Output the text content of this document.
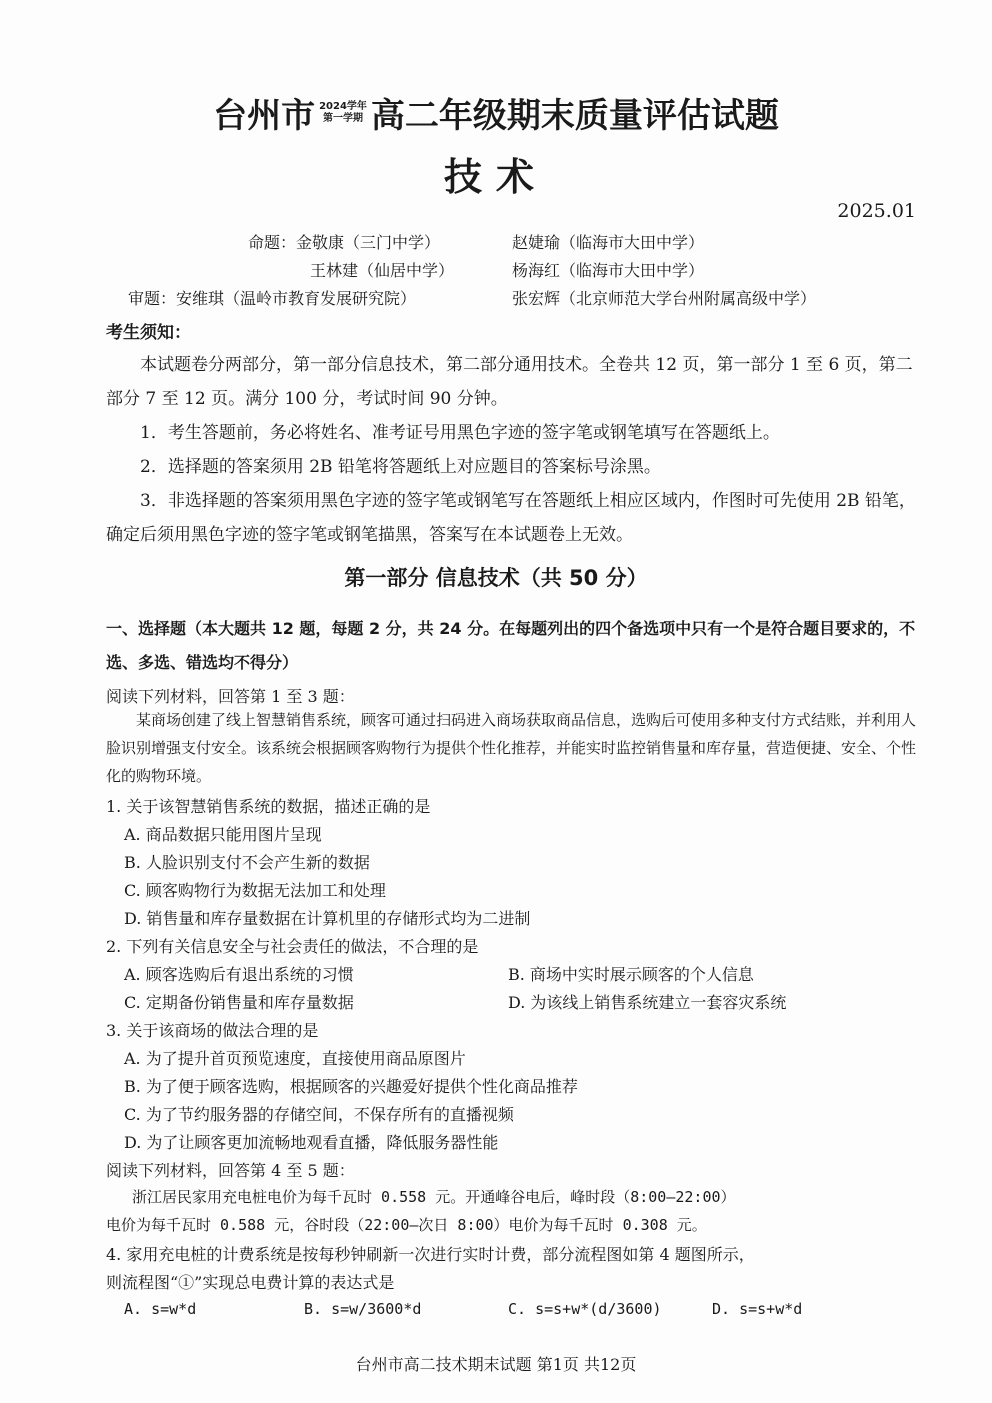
台州市 2024学年
第一学期 高二年级期末质量评估试题
技术
2025.01
命题：金敬康（三门中学）	赵婕瑜（临海市大田中学）
王林建（仙居中学）	杨海红（临海市大田中学）
审题：安维琪（温岭市教育发展研究院）	张宏辉（北京师范大学台州附属高级中学）
考生须知：
本试题卷分两部分，第一部分信息技术，第二部分通用技术。全卷共 12 页，第一部分 1 至 6 页，第二部分 7 至 12 页。满分 100 分，考试时间 90 分钟。
1．考生答题前，务必将姓名、准考证号用黑色字迹的签字笔或钢笔填写在答题纸上。
2．选择题的答案须用 2B 铅笔将答题纸上对应题目的答案标号涂黑。
3．非选择题的答案须用黑色字迹的签字笔或钢笔写在答题纸上相应区域内，作图时可先使用 2B 铅笔，确定后须用黑色字迹的签字笔或钢笔描黑，答案写在本试题卷上无效。
第一部分 信息技术（共 50 分）
一、选择题（本大题共 12 题，每题 2 分，共 24 分。在每题列出的四个备选项中只有一个是符合题目要求的，不选、多选、错选均不得分）
阅读下列材料，回答第 1 至 3 题：
某商场创建了线上智慧销售系统，顾客可通过扫码进入商场获取商品信息，选购后可使用多种支付方式结账，并利用人脸识别增强支付安全。该系统会根据顾客购物行为提供个性化推荐，并能实时监控销售量和库存量，营造便捷、安全、个性化的购物环境。
1. 关于该智慧销售系统的数据，描述正确的是
A. 商品数据只能用图片呈现
B. 人脸识别支付不会产生新的数据
C. 顾客购物行为数据无法加工和处理
D. 销售量和库存量数据在计算机里的存储形式均为二进制
2. 下列有关信息安全与社会责任的做法，不合理的是
A. 顾客选购后有退出系统的习惯	B. 商场中实时展示顾客的个人信息
C. 定期备份销售量和库存量数据	D. 为该线上销售系统建立一套容灾系统
3. 关于该商场的做法合理的是
A. 为了提升首页预览速度，直接使用商品原图片
B. 为了便于顾客选购，根据顾客的兴趣爱好提供个性化商品推荐
C. 为了节约服务器的存储空间，不保存所有的直播视频
D. 为了让顾客更加流畅地观看直播，降低服务器性能
阅读下列材料，回答第 4 至 5 题：
浙江居民家用充电桩电价为每千瓦时 0.558 元。开通峰谷电后，峰时段（8:00—22:00）
电价为每千瓦时 0.588 元，谷时段（22:00—次日 8:00）电价为每千瓦时 0.308 元。
4. 家用充电桩的计费系统是按每秒钟刷新一次进行实时计费，部分流程图如第 4 题图所示，
则流程图“①”实现总电费计算的表达式是
A. s=w*d	B. s=w/3600*d	C. s=s+w*(d/3600)	D. s=s+w*d
台州市高二技术期末试题 第1页 共12页
